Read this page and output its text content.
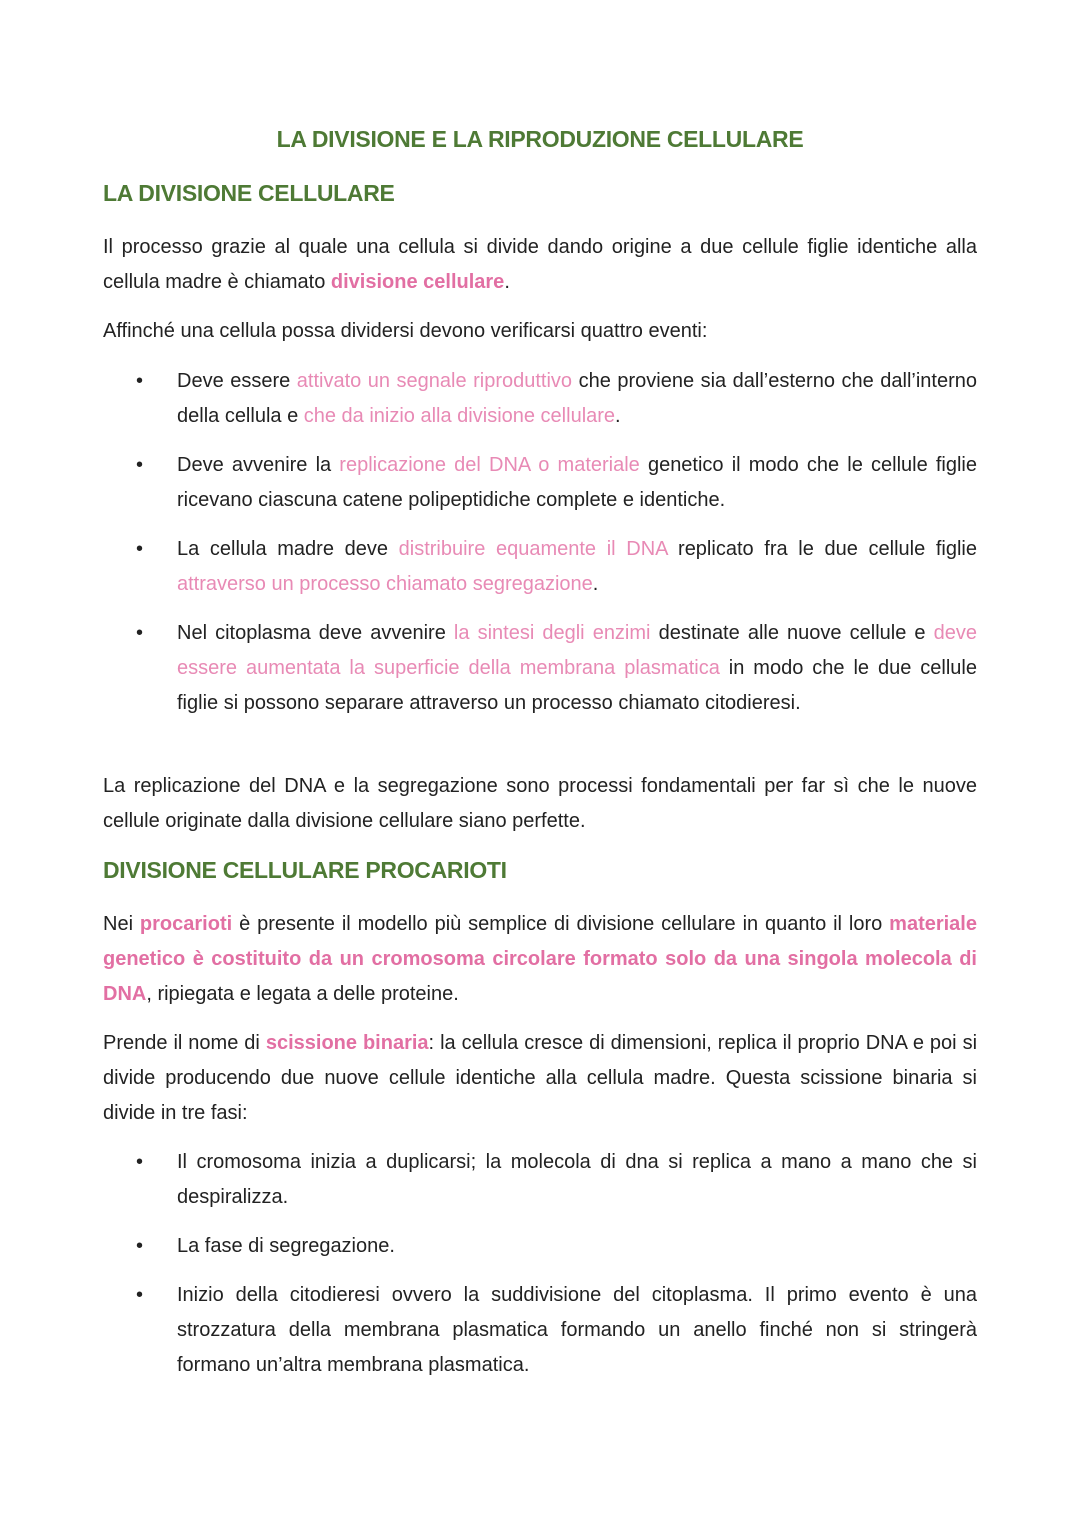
LA DIVISIONE E LA RIPRODUZIONE CELLULARE
LA DIVISIONE CELLULARE

Il processo grazie al quale una cellula si divide dando origine a due cellule figlie identiche alla cellula madre è chiamato divisione cellulare.

Affinché una cellula possa dividersi devono verificarsi quattro eventi:

• Deve essere attivato un segnale riproduttivo che proviene sia dall’esterno che dall’interno della cellula e che da inizio alla divisione cellulare.
• Deve avvenire la replicazione del DNA o materiale genetico il modo che le cellule figlie ricevano ciascuna catene polipeptidiche complete e identiche.
• La cellula madre deve distribuire equamente il DNA replicato fra le due cellule figlie attraverso un processo chiamato segregazione.
• Nel citoplasma deve avvenire la sintesi degli enzimi destinate alle nuove cellule e deve essere aumentata la superficie della membrana plasmatica in modo che le due cellule figlie si possono separare attraverso un processo chiamato citodieresi.

La replicazione del DNA e la segregazione sono processi fondamentali per far sì che le nuove cellule originate dalla divisione cellulare siano perfette.

DIVISIONE CELLULARE PROCARIOTI

Nei procarioti è presente il modello più semplice di divisione cellulare in quanto il loro materiale genetico è costituito da un cromosoma circolare formato solo da una singola molecola di DNA, ripiegata e legata a delle proteine.

Prende il nome di scissione binaria: la cellula cresce di dimensioni, replica il proprio DNA e poi si divide producendo due nuove cellule identiche alla cellula madre. Questa scissione binaria si divide in tre fasi:

• Il cromosoma inizia a duplicarsi; la molecola di dna si replica a mano a mano che si despiralizza.
• La fase di segregazione.
• Inizio della citodieresi ovvero la suddivisione del citoplasma. Il primo evento è una strozzatura della membrana plasmatica formando un anello finché non si stringerà formano un’altra membrana plasmatica.
